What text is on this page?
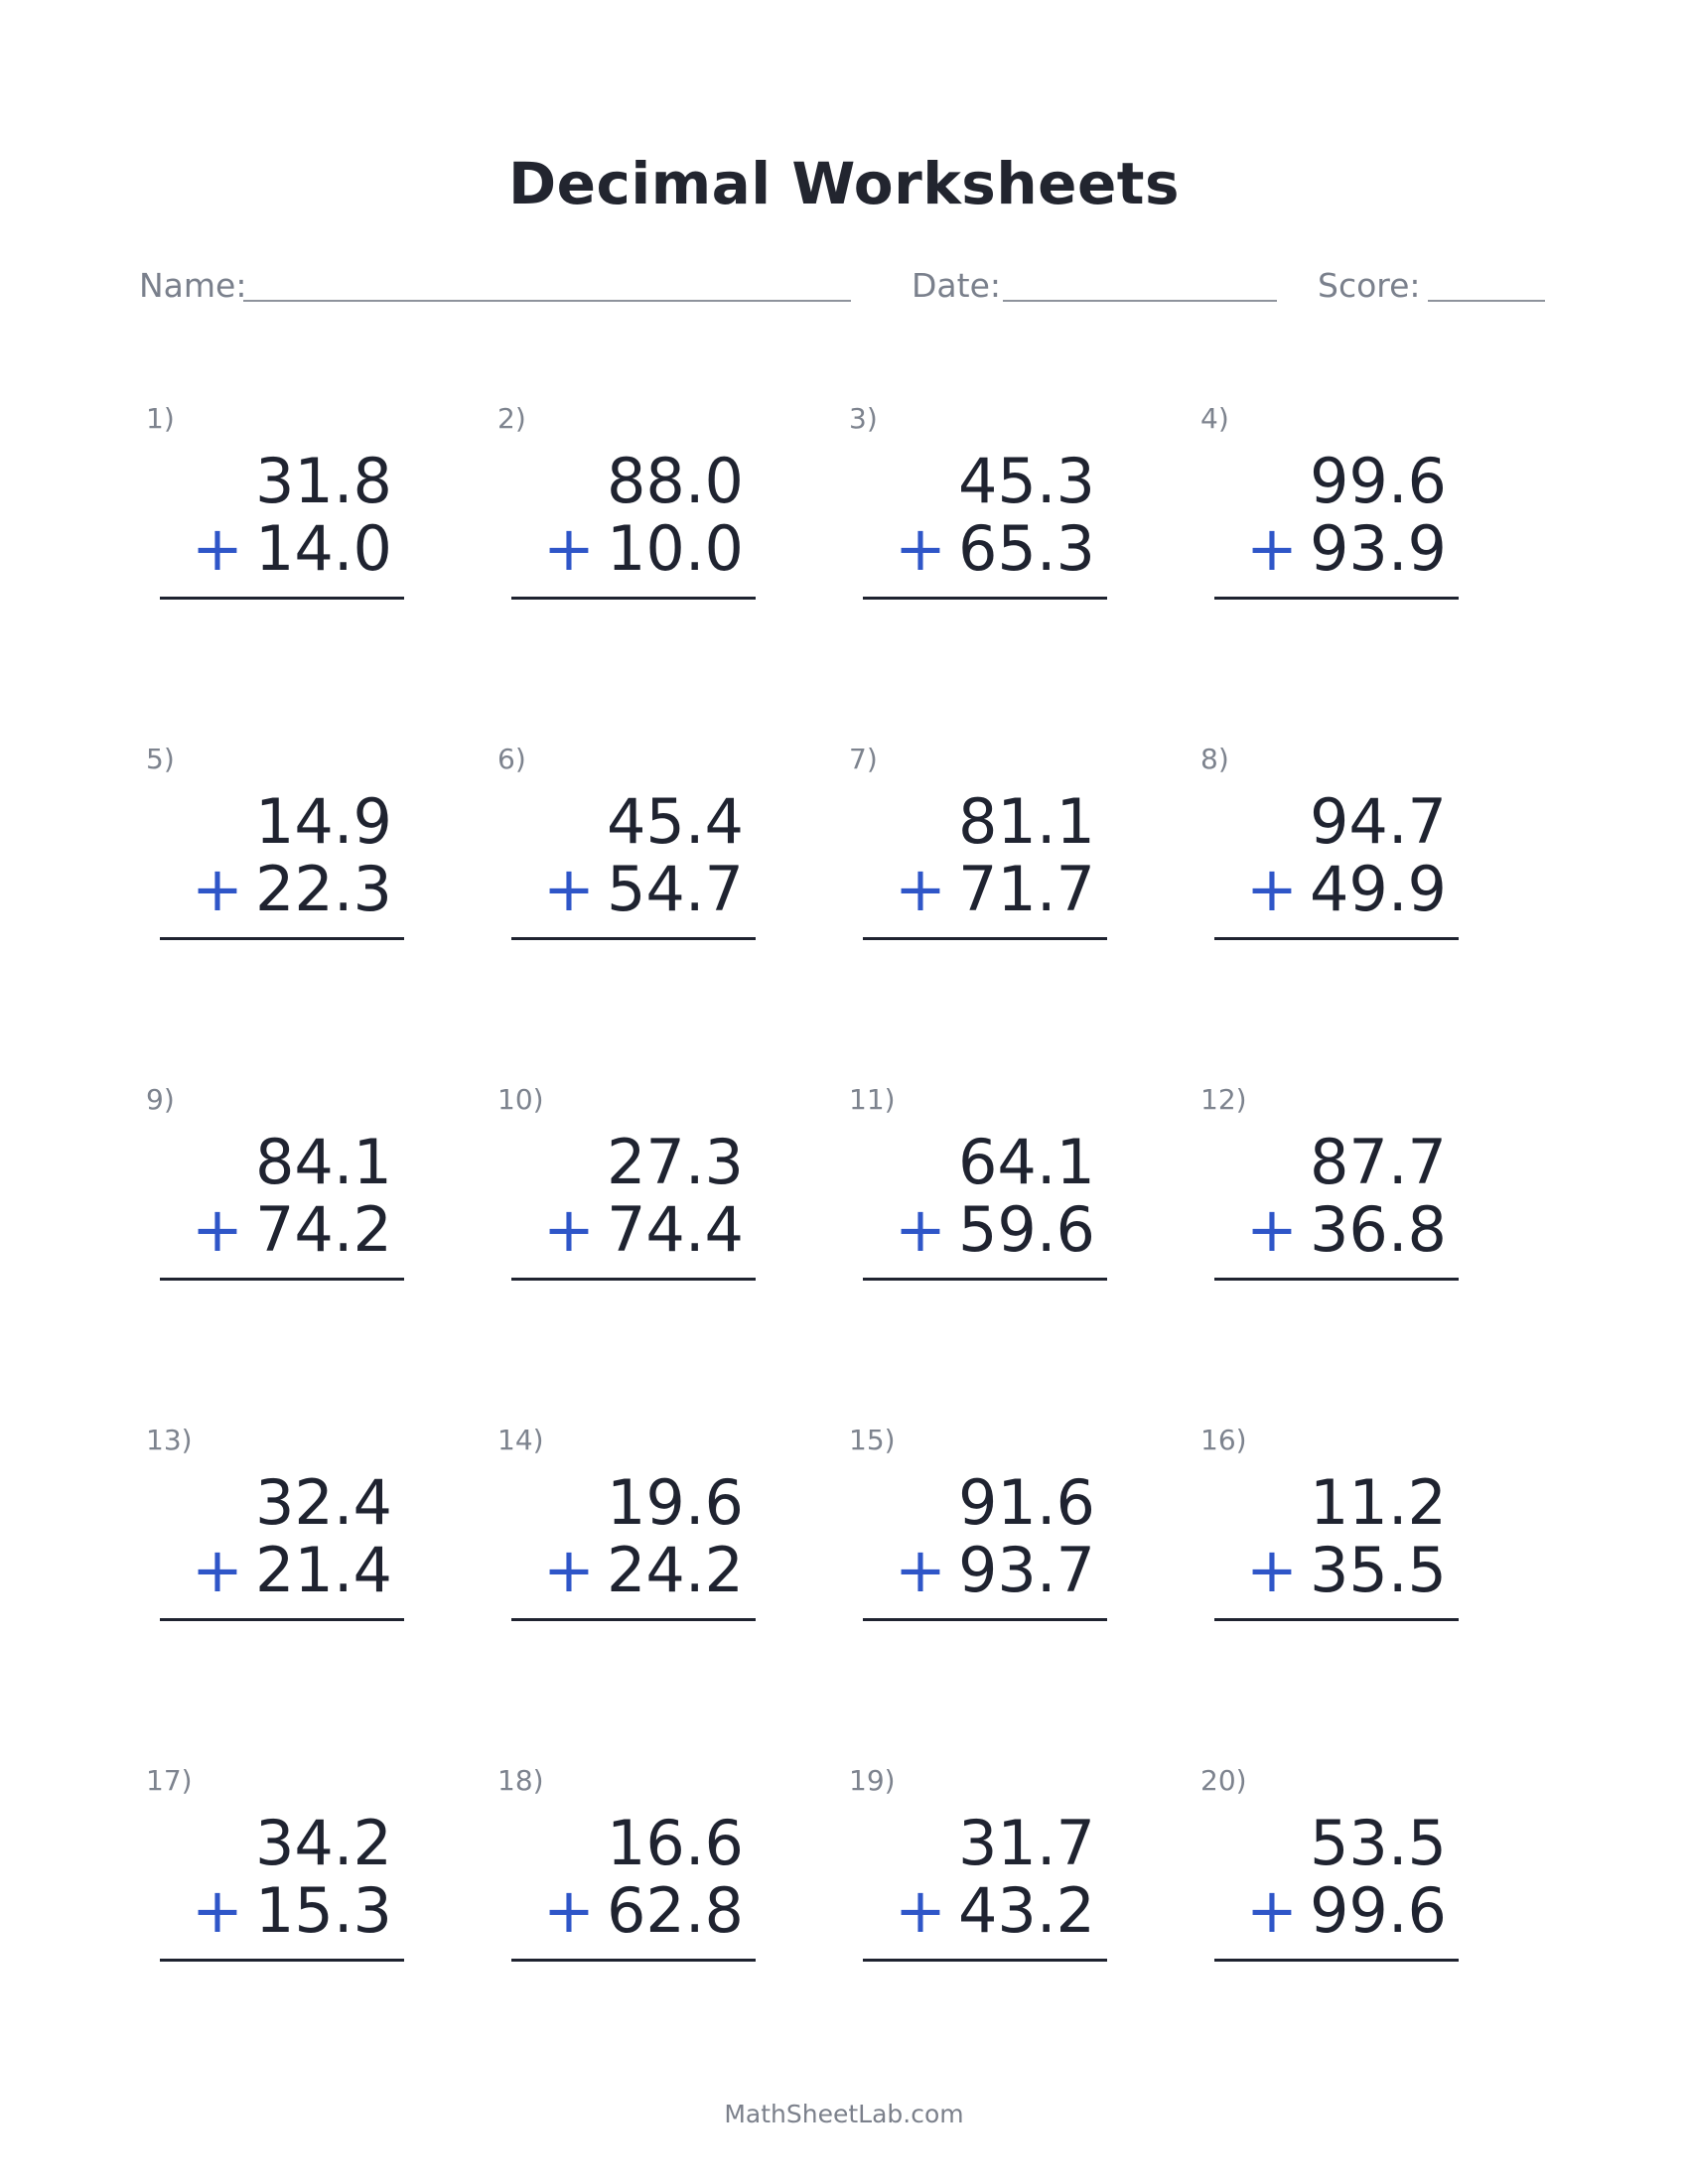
Decimal Worksheets
Name:	Date:	Score:
1)
31.8
+ 14.0
2)
88.0
+ 10.0
3)
45.3
+ 65.3
4)
99.6
+ 93.9
5)
14.9
+ 22.3
6)
45.4
+ 54.7
7)
81.1
+ 71.7
8)
94.7
+ 49.9
9)
84.1
+ 74.2
10)
27.3
+ 74.4
11)
64.1
+ 59.6
12)
87.7
+ 36.8
13)
32.4
+ 21.4
14)
19.6
+ 24.2
15)
91.6
+ 93.7
16)
11.2
+ 35.5
17)
34.2
+ 15.3
18)
16.6
+ 62.8
19)
31.7
+ 43.2
20)
53.5
+ 99.6
MathSheetLab.com
